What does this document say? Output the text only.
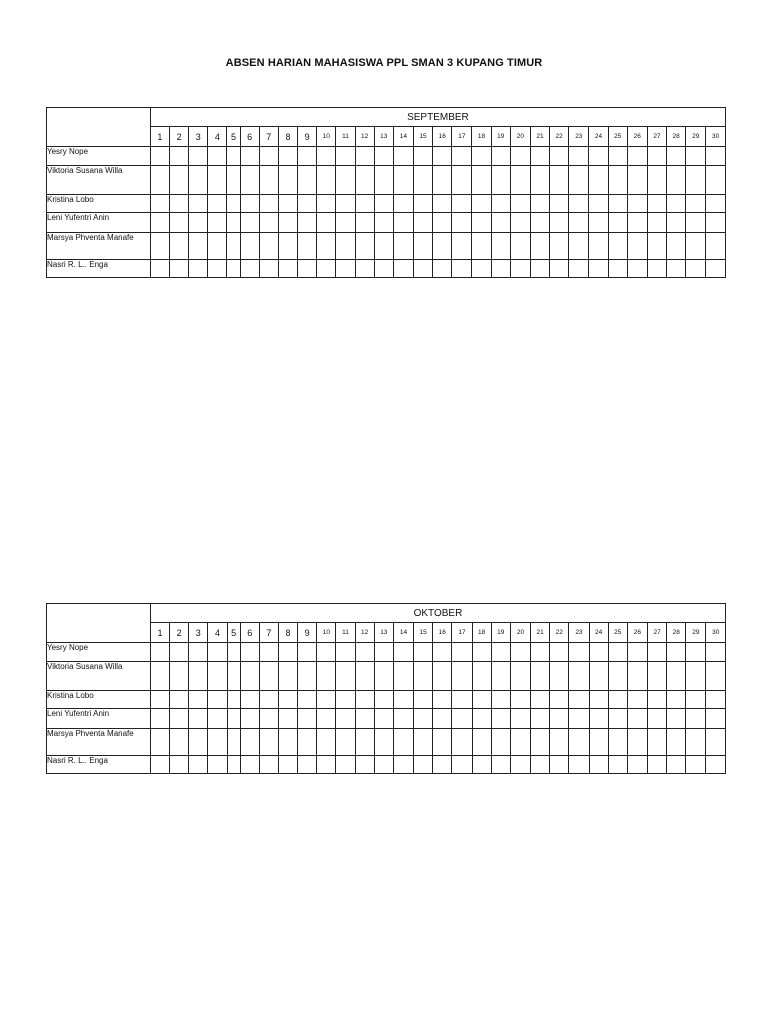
ABSEN HARIAN MAHASISWA PPL SMAN 3 KUPANG TIMUR
	SEPTEMBER																													
	1	2	3	4	5	6	7	8	9	10	11	12	13	14	15	16	17	18	19	20	21	22	23	24	25	26	27	28	29	30
Yesry Nope																														
Viktoria Susana Willa																														
Kristina Lobo																														
Leni Yufentri Anin																														
Marsya Phventa Manafe																														
Nasri R. L.. Enga																														
	OKTOBER																													
	1	2	3	4	5	6	7	8	9	10	11	12	13	14	15	16	17	18	19	20	21	22	23	24	25	26	27	28	29	30
Yesry Nope																														
Viktoria Susana Willa																														
Kristina Lobo																														
Leni Yufentri Anin																														
Marsya Phventa Manafe																														
Nasri R. L.. Enga																														
